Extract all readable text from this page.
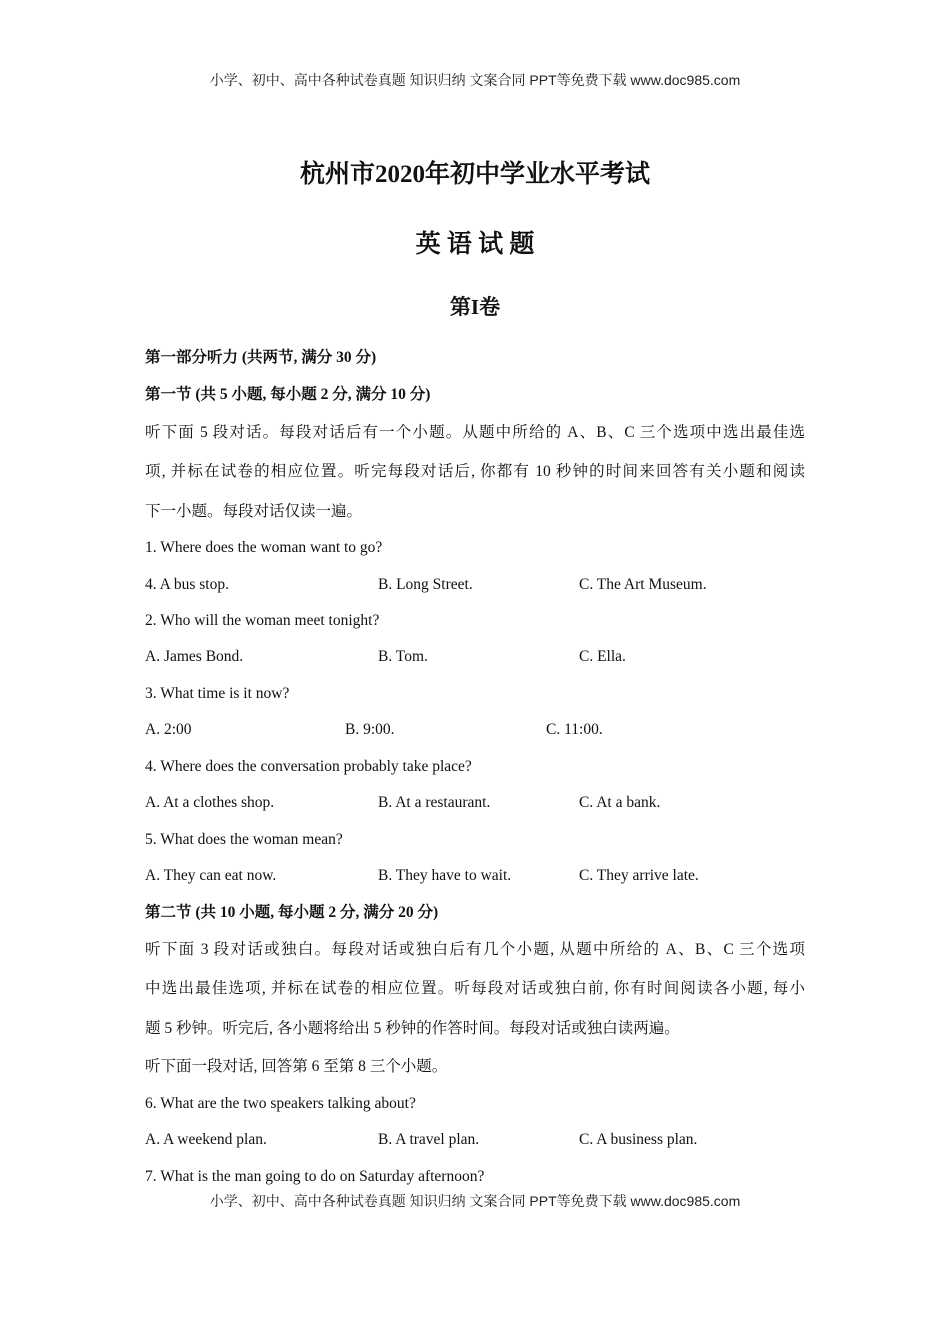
小学、初中、高中各种试卷真题 知识归纳 文案合同 PPT等免费下载 www.doc985.com
杭州市2020年初中学业水平考试
英 语 试 题
第I卷
第一部分听力 (共两节, 满分 30 分)
第一节 (共 5 小题, 每小题 2 分, 满分 10 分)
听下面 5 段对话。每段对话后有一个小题。从题中所给的 A、B、C 三个选项中选出最佳选
项, 并标在试卷的相应位置。听完每段对话后, 你都有 10 秒钟的时间来回答有关小题和阅读
下一小题。每段对话仅读一遍。
1. Where does the woman want to go?
4. A bus stop.	B. Long Street.	C. The Art Museum.
2. Who will the woman meet tonight?
A. James Bond.	B. Tom.	C. Ella.
3. What time is it now?
A. 2:00	B. 9:00.	C. 11:00.
4. Where does the conversation probably take place?
A. At a clothes shop.	B. At a restaurant.	C. At a bank.
5. What does the woman mean?
A. They can eat now.	B. They have to wait.	C. They arrive late.
第二节 (共 10 小题, 每小题 2 分, 满分 20 分)
听下面 3 段对话或独白。每段对话或独白后有几个小题, 从题中所给的 A、B、C 三个选项
中选出最佳选项, 并标在试卷的相应位置。听每段对话或独白前, 你有时间阅读各小题, 每小
题 5 秒钟。听完后, 各小题将给出 5 秒钟的作答时间。每段对话或独白读两遍。
听下面一段对话, 回答第 6 至第 8 三个小题。
6. What are the two speakers talking about?
A. A weekend plan.	B. A travel plan.	C. A business plan.
7. What is the man going to do on Saturday afternoon?
小学、初中、高中各种试卷真题 知识归纳 文案合同 PPT等免费下载 www.doc985.com
